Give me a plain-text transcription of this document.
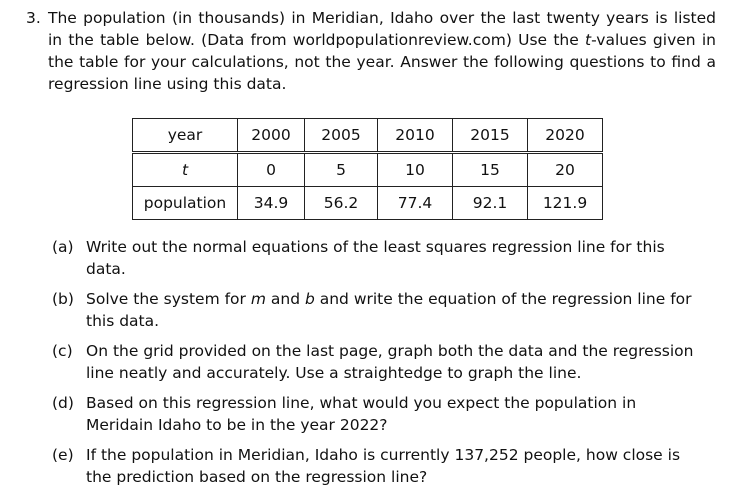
3. The population (in thousands) in Meridian, Idaho over the last twenty years is listed in the table below. (Data from worldpopulationreview.com) Use the t-values given in the table for your calculations, not the year. Answer the following questions to find a regression line using this data.
year	2000	2005	2010	2015	2020
t	0	5	10	15	20
population	34.9	56.2	77.4	92.1	121.9
(a) Write out the normal equations of the least squares regression line for this data.
(b) Solve the system for m and b and write the equation of the regression line for this data.
(c) On the grid provided on the last page, graph both the data and the regression line neatly and accurately. Use a straightedge to graph the line.
(d) Based on this regression line, what would you expect the population in Meridain Idaho to be in the year 2022?
(e) If the population in Meridian, Idaho is currently 137,252 people, how close is the prediction based on the regression line?
